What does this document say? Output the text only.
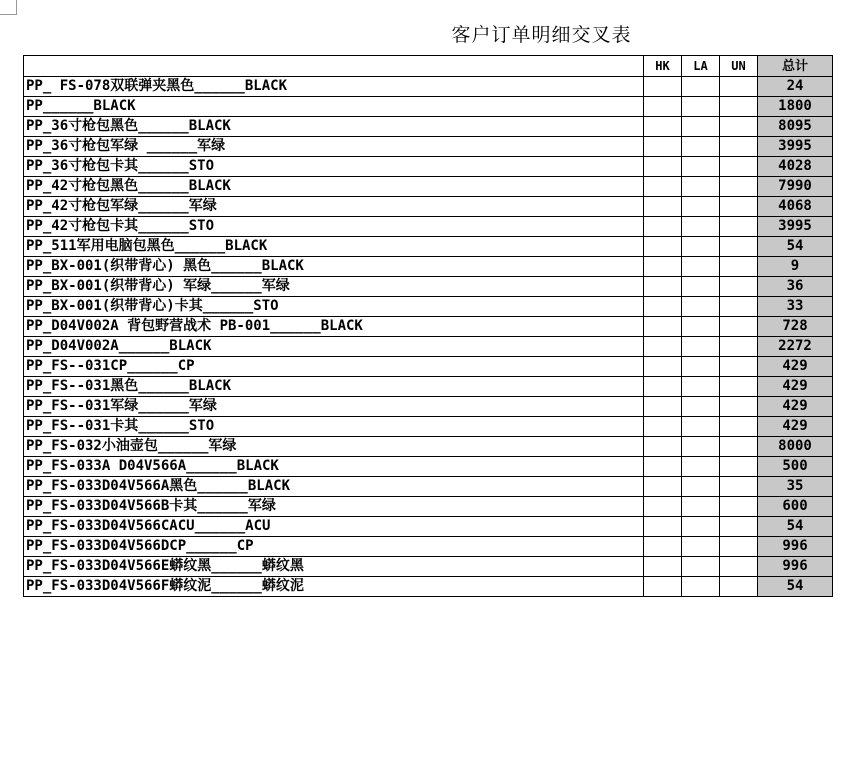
客户订单明细交叉表
	HK	LA	UN	总计
PP_ FS-078双联弹夹黑色______BLACK				24
PP______BLACK				1800
PP_36寸枪包黑色______BLACK				8095
PP_36寸枪包军绿 ______军绿				3995
PP_36寸枪包卡其______STO				4028
PP_42寸枪包黑色______BLACK				7990
PP_42寸枪包军绿______军绿				4068
PP_42寸枪包卡其______STO				3995
PP_511军用电脑包黑色______BLACK				54
PP_BX-001(织带背心) 黑色______BLACK				9
PP_BX-001(织带背心) 军绿______军绿				36
PP_BX-001(织带背心)卡其______STO				33
PP_D04V002A 背包野营战术 PB-001______BLACK				728
PP_D04V002A______BLACK				2272
PP_FS--031CP______CP				429
PP_FS--031黑色______BLACK				429
PP_FS--031军绿______军绿				429
PP_FS--031卡其______STO				429
PP_FS-032小油壶包______军绿				8000
PP_FS-033A D04V566A______BLACK				500
PP_FS-033D04V566A黑色______BLACK				35
PP_FS-033D04V566B卡其______军绿				600
PP_FS-033D04V566CACU______ACU				54
PP_FS-033D04V566DCP______CP				996
PP_FS-033D04V566E蟒纹黑______蟒纹黑				996
PP_FS-033D04V566F蟒纹泥______蟒纹泥				54
